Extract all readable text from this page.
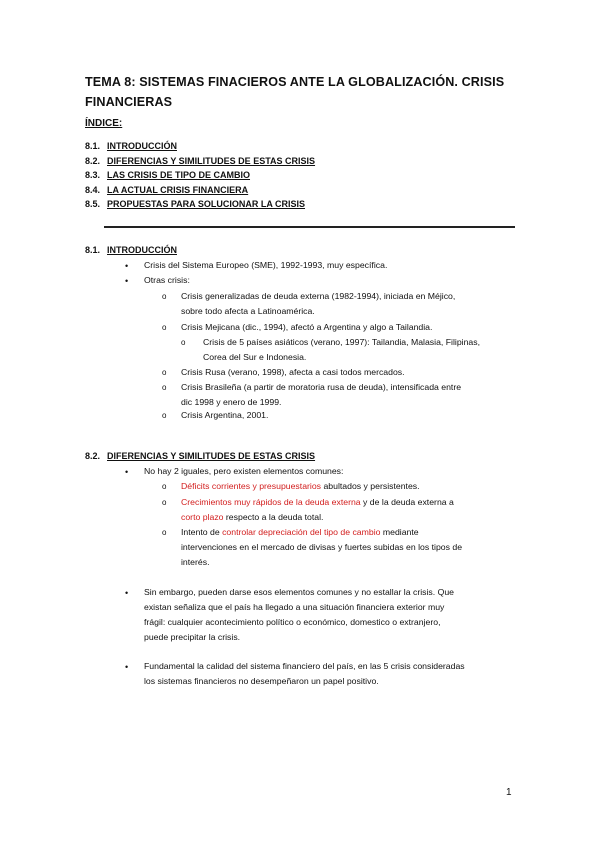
TEMA 8: SISTEMAS FINACIEROS ANTE LA GLOBALIZACIÓN. CRISIS FINANCIERAS
ÍNDICE:
8.1. INTRODUCCIÓN
8.2. DIFERENCIAS Y SIMILITUDES DE ESTAS CRISIS
8.3. LAS CRISIS DE TIPO DE CAMBIO
8.4. LA ACTUAL CRISIS FINANCIERA
8.5. PROPUESTAS PARA SOLUCIONAR LA CRISIS
8.1. INTRODUCCIÓN
• Crisis del Sistema Europeo (SME), 1992-1993, muy específica.
• Otras crisis:
o Crisis generalizadas de deuda externa (1982-1994), iniciada en Méjico,
sobre todo afecta a Latinoamérica.
o Crisis Mejicana (dic., 1994), afectó a Argentina y algo a Tailandia.
o Crisis de 5 países asiáticos (verano, 1997): Tailandia, Malasia, Filipinas,
Corea del Sur e Indonesia.
o Crisis Rusa (verano, 1998), afecta a casi todos mercados.
o Crisis Brasileña (a partir de moratoria rusa de deuda), intensificada entre
dic 1998 y enero de 1999.
o Crisis Argentina, 2001.
8.2. DIFERENCIAS Y SIMILITUDES DE ESTAS CRISIS
• No hay 2 iguales, pero existen elementos comunes:
o Déficits corrientes y presupuestarios abultados y persistentes.
o Crecimientos muy rápidos de la deuda externa y de la deuda externa a
corto plazo respecto a la deuda total.
o Intento de controlar depreciación del tipo de cambio mediante
intervenciones en el mercado de divisas y fuertes subidas en los tipos de
interés.
• Sin embargo, pueden darse esos elementos comunes y no estallar la crisis. Que
existan señaliza que el país ha llegado a una situación financiera exterior muy
frágil: cualquier acontecimiento político o económico, domestico o extranjero,
puede precipitar la crisis.
• Fundamental la calidad del sistema financiero del país, en las 5 crisis consideradas
los sistemas financieros no desempeñaron un papel positivo.
1
